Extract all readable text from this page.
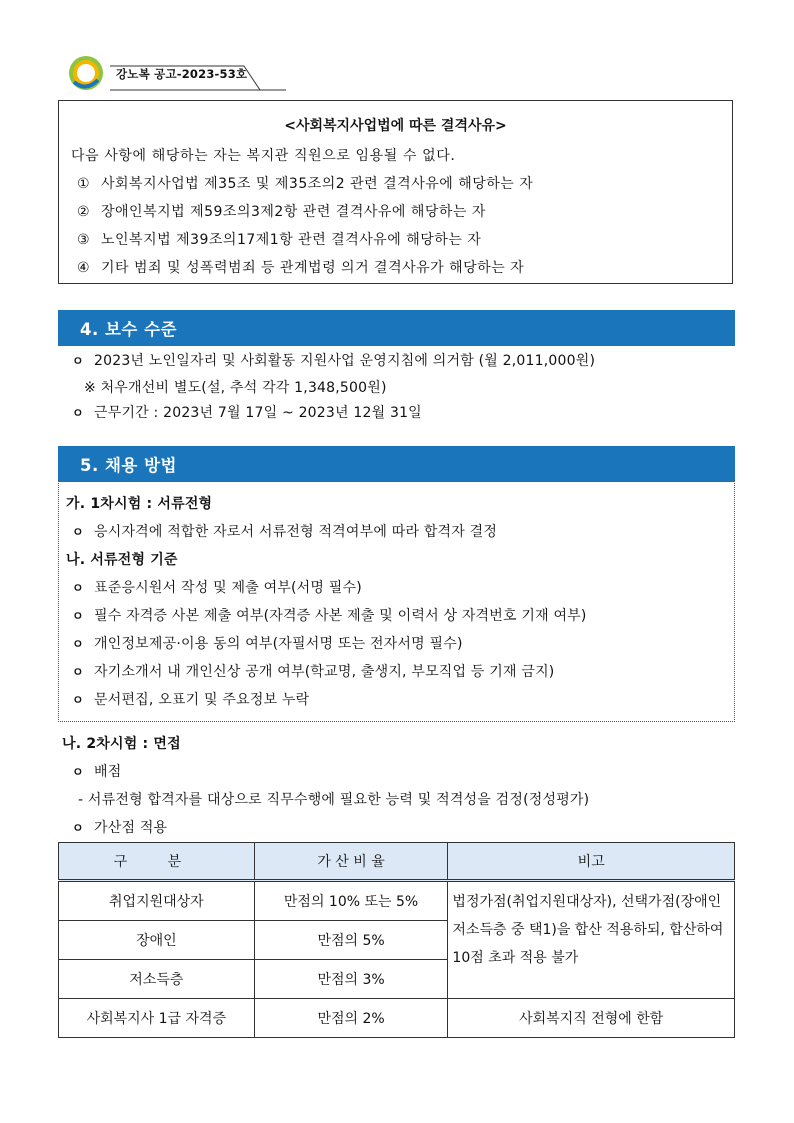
강노복 공고-2023-53호
<사회복지사업법에 따른 결격사유>
다음 사항에 해당하는 자는 복지관 직원으로 임용될 수 없다.
① 사회복지사업법 제35조 및 제35조의2 관련 결격사유에 해당하는 자
② 장애인복지법 제59조의3제2항 관련 결격사유에 해당하는 자
③ 노인복지법 제39조의17제1항 관련 결격사유에 해당하는 자
④ 기타 범죄 및 성폭력범죄 등 관계법령 의거 결격사유가 해당하는 자
4. 보수 수준
ㅇ 2023년 노인일자리 및 사회활동 지원사업 운영지침에 의거함 (월 2,011,000원)
※ 처우개선비 별도(설, 추석 각각 1,348,500원)
ㅇ 근무기간 : 2023년 7월 17일 ~ 2023년 12월 31일
5. 채용 방법
가. 1차시험 : 서류전형
ㅇ 응시자격에 적합한 자로서 서류전형 적격여부에 따라 합격자 결정
나. 서류전형 기준
ㅇ 표준응시원서 작성 및 제출 여부(서명 필수)
ㅇ 필수 자격증 사본 제출 여부(자격증 사본 제출 및 이력서 상 자격번호 기재 여부)
ㅇ 개인정보제공·이용 동의 여부(자필서명 또는 전자서명 필수)
ㅇ 자기소개서 내 개인신상 공개 여부(학교명, 출생지, 부모직업 등 기재 금지)
ㅇ 문서편집, 오표기 및 주요정보 누락
나. 2차시험 : 면접
ㅇ 배점
- 서류전형 합격자를 대상으로 직무수행에 필요한 능력 및 적격성을 검정(정성평가)
ㅇ 가산점 적용
구 분	가 산 비 율	비고
취업지원대상자	만점의 10% 또는 5%	법정가점(취업지원대상자), 선택가점(장애인 저소득층 중 택1)을 합산 적용하되, 합산하여 10점 초과 적용 불가
장애인	만점의 5%	
저소득층	만점의 3%	
사회복지사 1급 자격증	만점의 2%	사회복지직 전형에 한함
